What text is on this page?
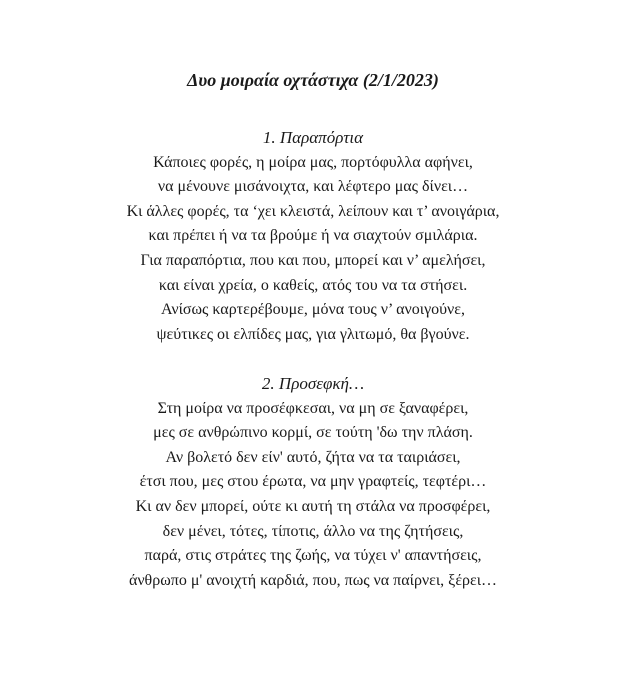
Δυο μοιραία οχτάστιχα (2/1/2023)
1. Παραπόρτια
Κάποιες φορές, η μοίρα μας, πορτόφυλλα αφήνει,
να μένουνε μισάνοιχτα, και λέφτερο μας δίνει…
Κι άλλες φορές, τα ‘χει κλειστά, λείπουν και τ’ ανοιγάρια,
και πρέπει ή να τα βρούμε ή να σιαχτούν σμιλάρια.
Για παραπόρτια, που και που, μπορεί και ν’ αμελήσει,
και είναι χρεία, ο καθείς, ατός του να τα στήσει.
Ανίσως καρτερέβουμε, μόνα τους ν’ ανοιγούνε,
ψεύτικες οι ελπίδες μας, για γλιτωμό, θα βγούνε.
2. Προσεφκή…
Στη μοίρα να προσέφκεσαι, να μη σε ξαναφέρει,
μες σε ανθρώπινο κορμί, σε τούτη 'δω την πλάση.
Αν βολετό δεν είν' αυτό, ζήτα να τα ταιριάσει,
έτσι που, μες στου έρωτα, να μην γραφτείς, τεφτέρι…
Κι αν δεν μπορεί, ούτε κι αυτή τη στάλα να προσφέρει,
δεν μένει, τότες, τίποτις, άλλο να της ζητήσεις,
παρά, στις στράτες της ζωής, να τύχει ν' απαντήσεις,
άνθρωπο μ' ανοιχτή καρδιά, που, πως να παίρνει, ξέρει…
